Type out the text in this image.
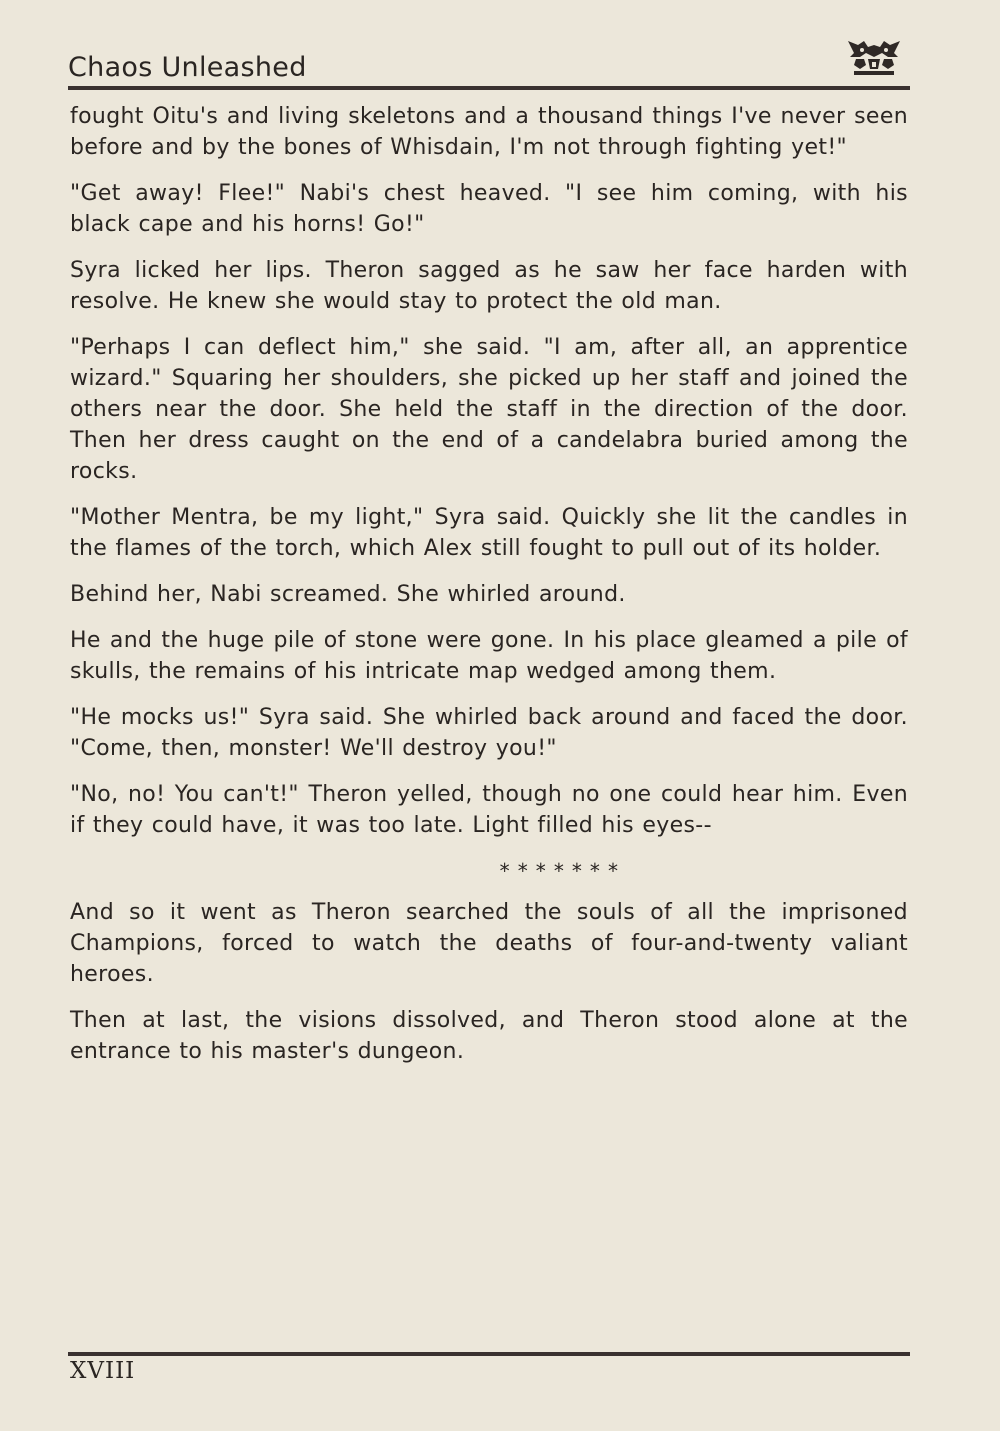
Chaos Unleashed

fought Oitu's and living skeletons and a thousand things I've never seen before and by the bones of Whisdain, I'm not through fighting yet!"

"Get away! Flee!" Nabi's chest heaved. "I see him coming, with his black cape and his horns! Go!"

Syra licked her lips. Theron sagged as he saw her face harden with resolve. He knew she would stay to protect the old man.

"Perhaps I can deflect him," she said. "I am, after all, an apprentice wizard." Squaring her shoulders, she picked up her staff and joined the others near the door. She held the staff in the direction of the door. Then her dress caught on the end of a candelabra buried among the rocks.

"Mother Mentra, be my light," Syra said. Quickly she lit the candles in the flames of the torch, which Alex still fought to pull out of its holder.

Behind her, Nabi screamed. She whirled around.

He and the huge pile of stone were gone. In his place gleamed a pile of skulls, the remains of his intricate map wedged among them.

"He mocks us!" Syra said. She whirled back around and faced the door. "Come, then, monster! We'll destroy you!"

"No, no! You can't!" Theron yelled, though no one could hear him. Even if they could have, it was too late. Light filled his eyes--

* * * * * * *

And so it went as Theron searched the souls of all the imprisoned Champions, forced to watch the deaths of four-and-twenty valiant heroes.

Then at last, the visions dissolved, and Theron stood alone at the entrance to his master's dungeon.

XVIII
